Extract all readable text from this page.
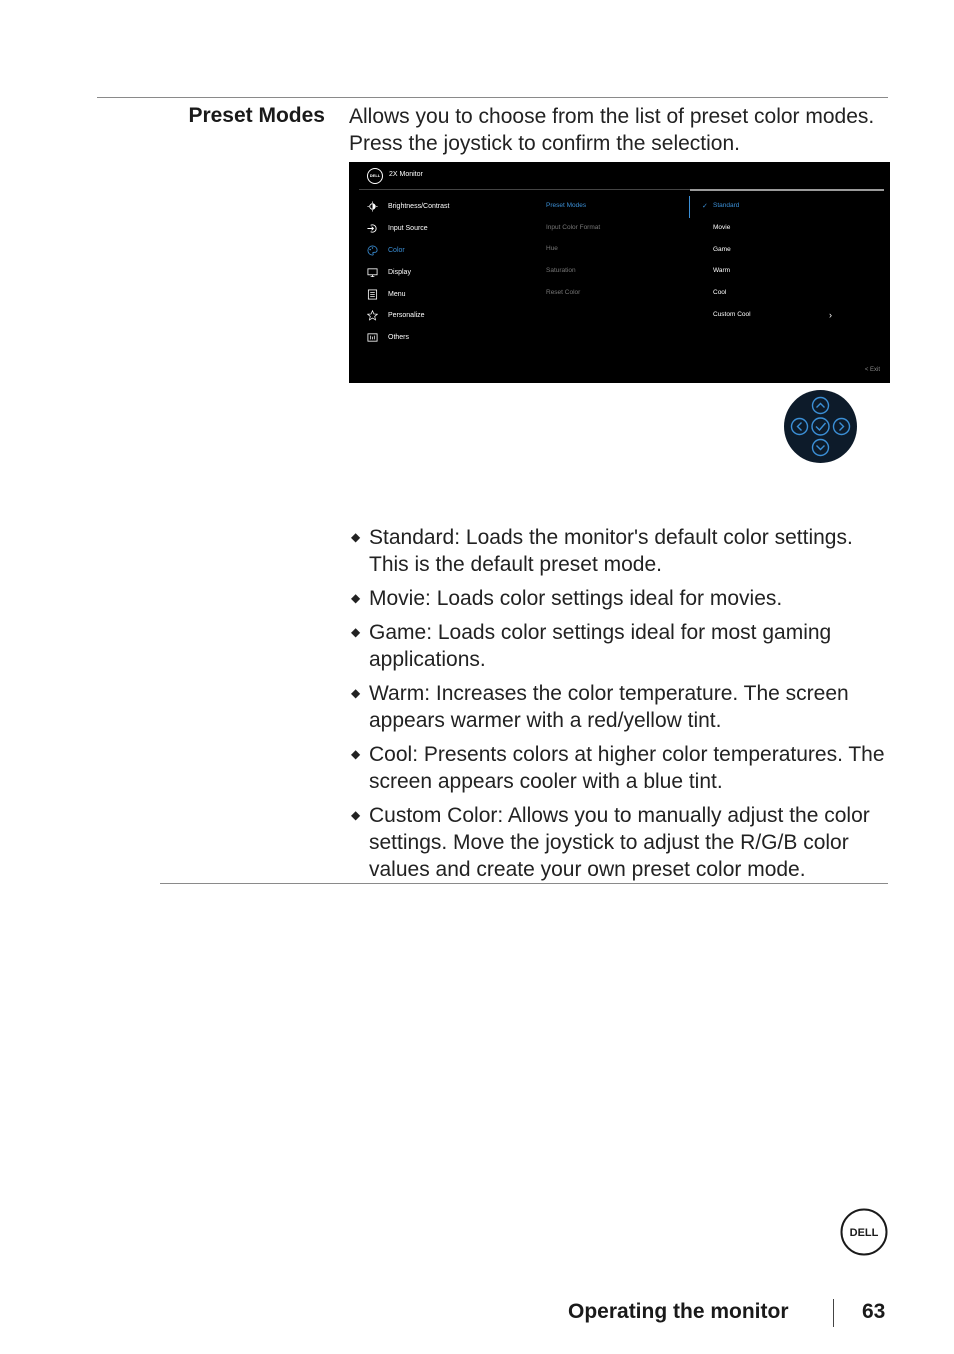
Preset Modes Allows you to choose from the list of preset color modes. Press the joystick to confirm the selection.
DELL	2X Monitor
Brightness/Contrast
Input Source
Color
Display
Menu
Personalize
Others
Preset Modes
Input Color Format
Hue
Saturation
Reset Color
✓ Standard
Movie
Game
Warm
Cool
Custom Cool	›
< Exit
◆ Standard: Loads the monitor's default color settings. This is the default preset mode.
◆ Movie: Loads color settings ideal for movies.
◆ Game: Loads color settings ideal for most gaming applications.
◆ Warm: Increases the color temperature. The screen appears warmer with a red/yellow tint.
◆ Cool: Presents colors at higher color temperatures. The screen appears cooler with a blue tint.
◆ Custom Color: Allows you to manually adjust the color settings. Move the joystick to adjust the R/G/B color values and create your own preset color mode.
DELL
Operating the monitor	63
